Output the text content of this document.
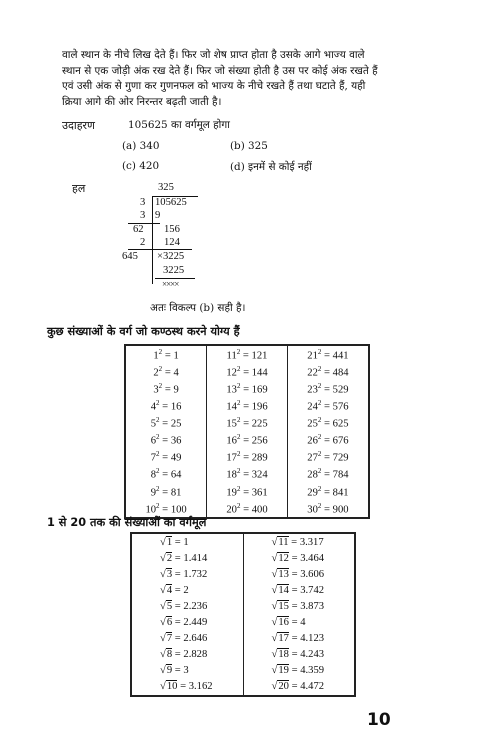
वाले स्थान के नीचे लिख देते हैं। फिर जो शेष प्राप्त होता है उसके आगे भाज्य वाले
स्थान से एक जोड़ी अंक रख देते हैं। फिर जो संख्या होती है उस पर कोई अंक रखते हैं
एवं उसी अंक से गुणा कर गुणनफल को भाज्य के नीचे रखते हैं तथा घटाते हैं, यही
क्रिया आगे की ओर निरन्तर बढ़ती जाती है।
उदाहरण	105625 का वर्गमूल होगा
(a) 340	(b) 325
(c) 420	(d) इनमें से कोई नहीं
हल	325
3 105625
3 9
62 156
2 124
645 ×3225
3225
××××
अतः विकल्प (b) सही है।
कुछ संख्याओं के वर्ग जो कण्ठस्थ करने योग्य हैं
$1^2 = 1$	$11^2 = 121$	$21^2 = 441$
$2^2 = 4$	$12^2 = 144$	$22^2 = 484$
$3^2 = 9$	$13^2 = 169$	$23^2 = 529$
$4^2 = 16$	$14^2 = 196$	$24^2 = 576$
$5^2 = 25$	$15^2 = 225$	$25^2 = 625$
$6^2 = 36$	$16^2 = 256$	$26^2 = 676$
$7^2 = 49$	$17^2 = 289$	$27^2 = 729$
$8^2 = 64$	$18^2 = 324$	$28^2 = 784$
$9^2 = 81$	$19^2 = 361$	$29^2 = 841$
$10^2 = 100$	$20^2 = 400$	$30^2 = 900$
1 से 20 तक की संख्याओं का वर्गमूल
√1 = 1	√11 = 3.317
√2 = 1.414	√12 = 3.464
√3 = 1.732	√13 = 3.606
√4 = 2	√14 = 3.742
√5 = 2.236	√15 = 3.873
√6 = 2.449	√16 = 4
√7 = 2.646	√17 = 4.123
√8 = 2.828	√18 = 4.243
√9 = 3	√19 = 4.359
√10 = 3.162	√20 = 4.472
10
